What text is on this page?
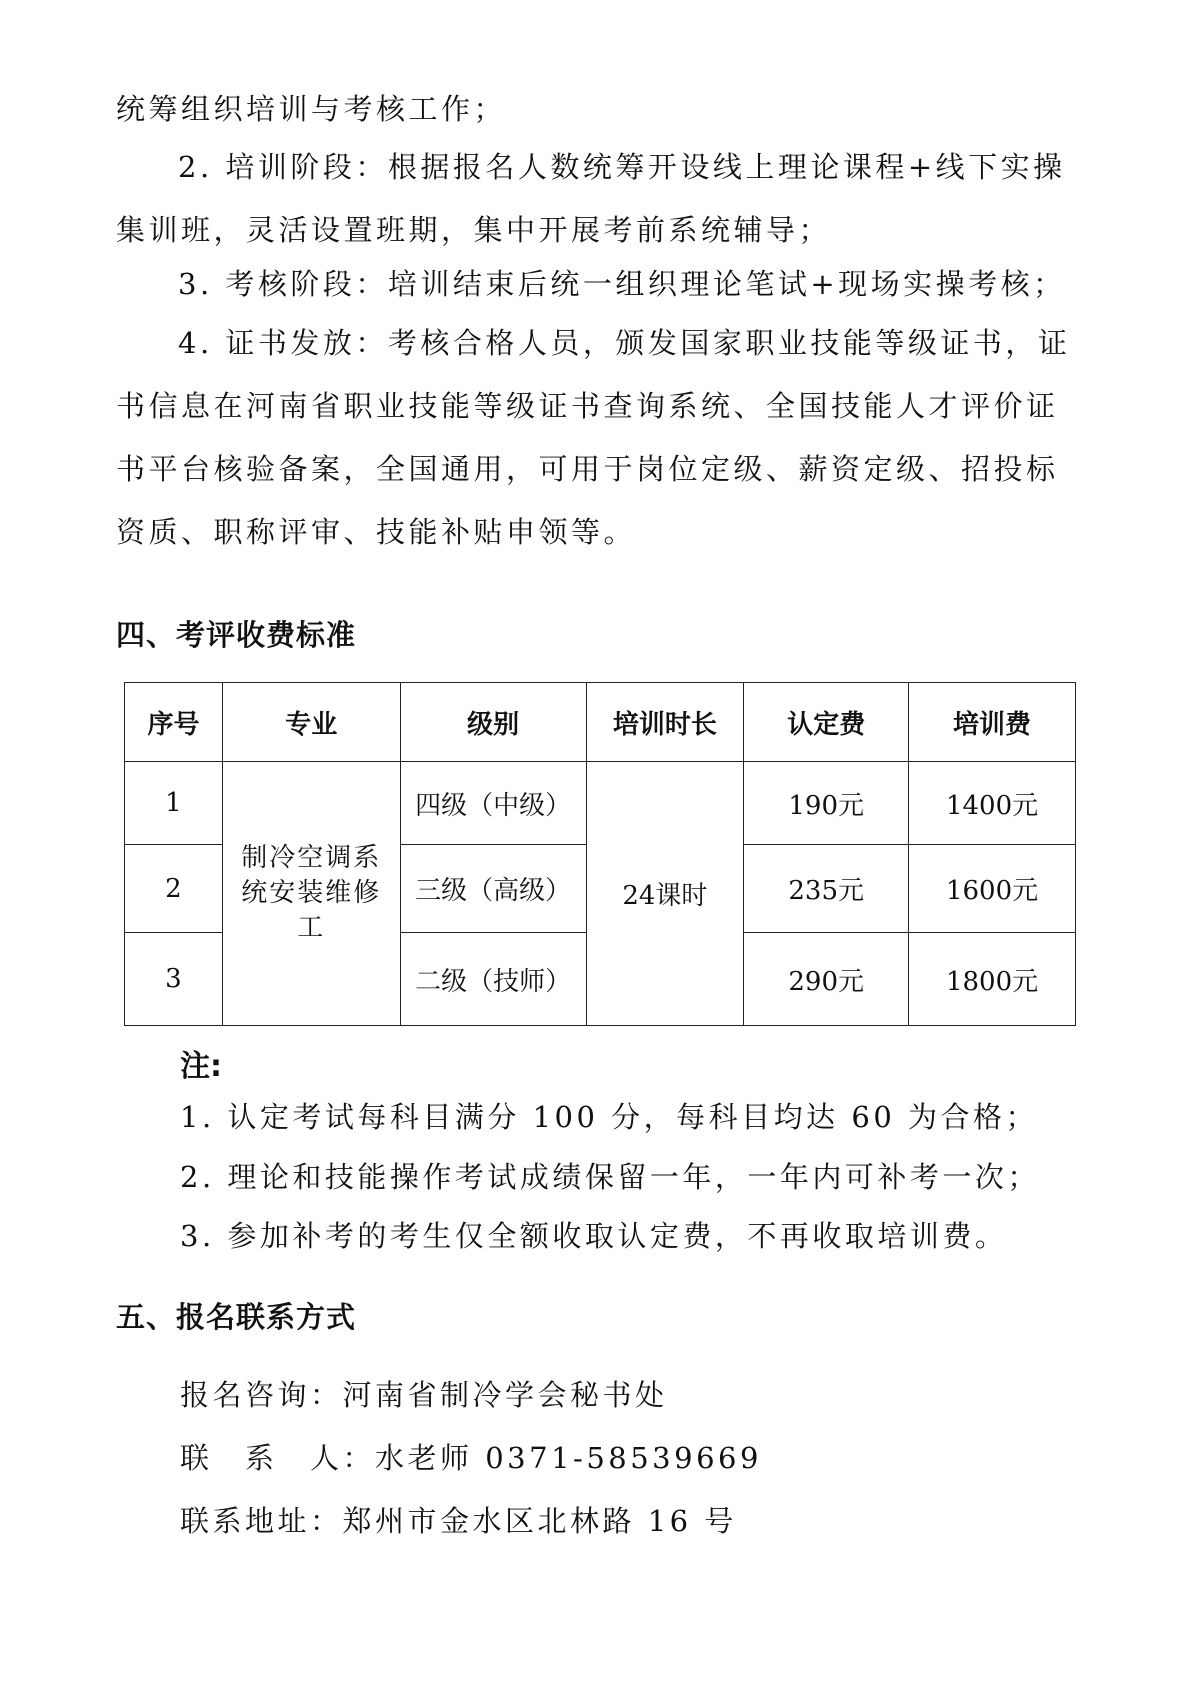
统筹组织培训与考核工作；

2. 培训阶段：根据报名人数统筹开设线上理论课程+线下实操集训班，灵活设置班期，集中开展考前系统辅导；

3. 考核阶段：培训结束后统一组织理论笔试+现场实操考核；

4. 证书发放：考核合格人员，颁发国家职业技能等级证书，证书信息在河南省职业技能等级证书查询系统、全国技能人才评价证书平台核验备案，全国通用，可用于岗位定级、薪资定级、招投标资质、职称评审、技能补贴申领等。

四、考评收费标准
序号	专业	级别	培训时长	认定费	培训费
1	制冷空调系统安装维修工	四级（中级）	24课时	190元	1400元
2		三级（高级）		235元	1600元
3		二级（技师）		290元	1800元

注:

1. 认定考试每科目满分 100 分，每科目均达 60 为合格；

2. 理论和技能操作考试成绩保留一年，一年内可补考一次；

3. 参加补考的考生仅全额收取认定费，不再收取培训费。

五、报名联系方式

报名咨询：河南省制冷学会秘书处

联　系　人：水老师 0371-58539669

联系地址：郑州市金水区北林路 16 号
